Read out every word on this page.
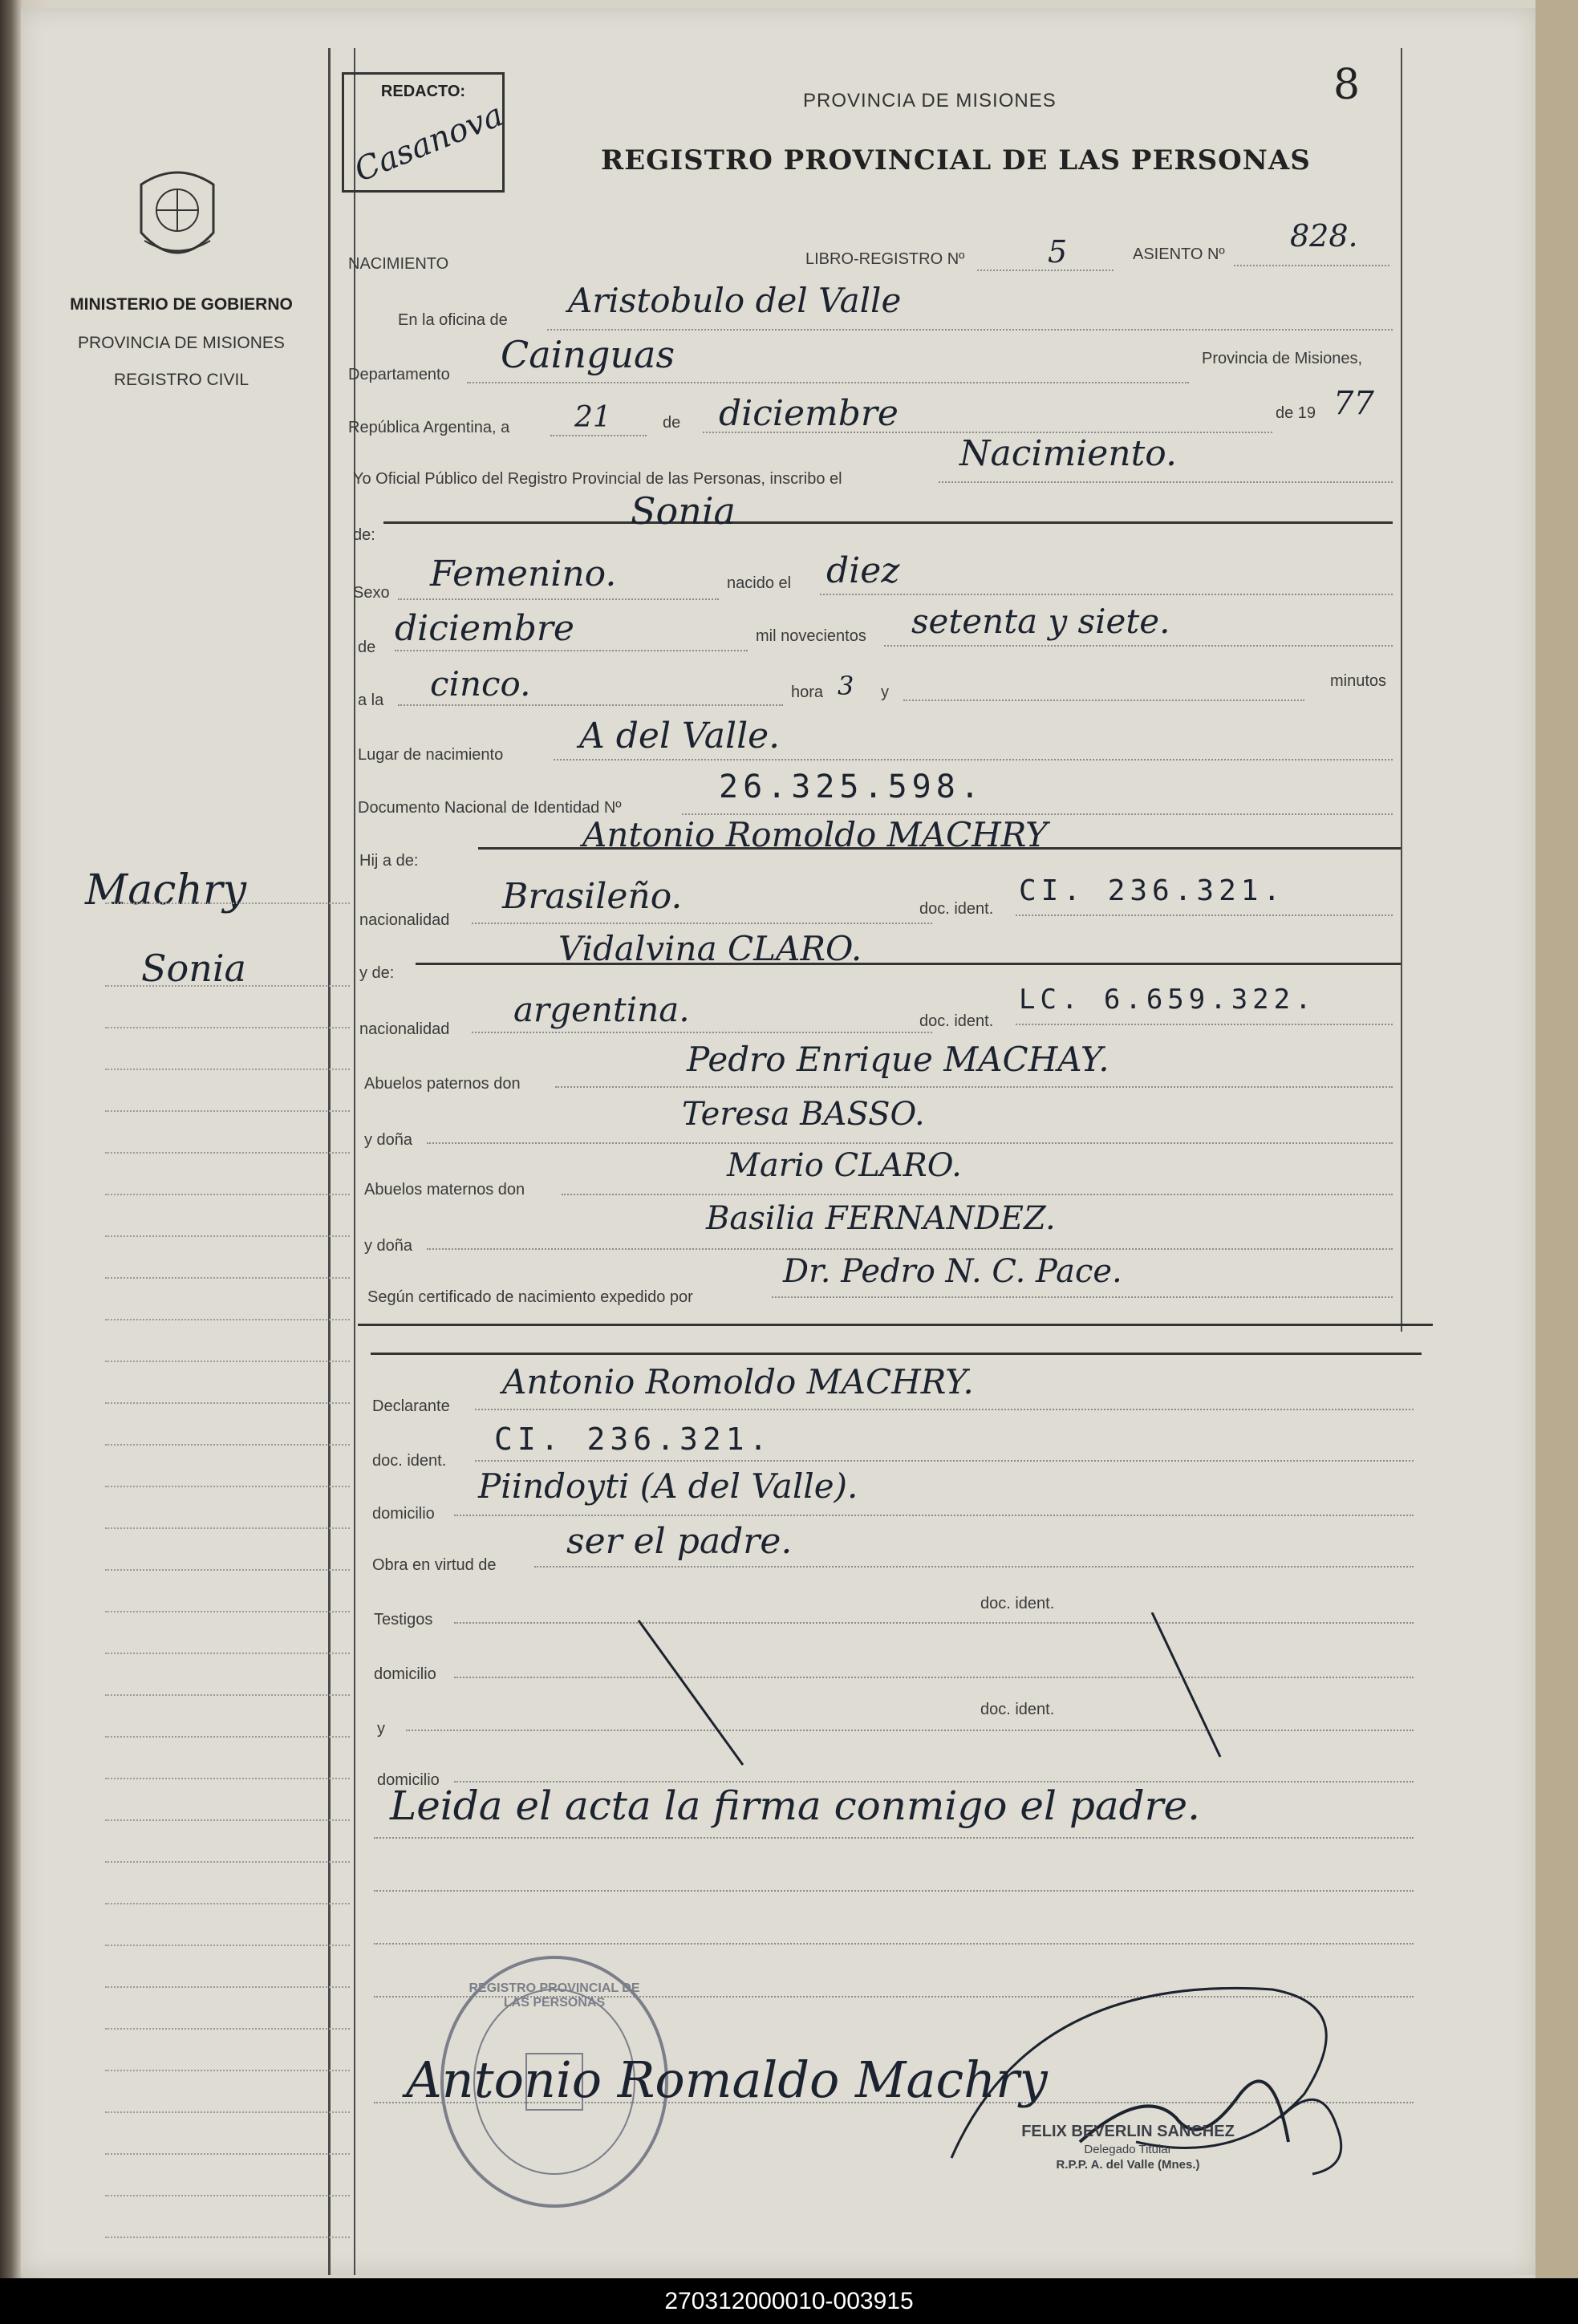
MINISTERIO DE GOBIERNO
PROVINCIA DE MISIONES
REGISTRO CIVIL
Machry
Sonia
REDACTO:
Casanova	PROVINCIA DE MISIONES
REGISTRO PROVINCIAL DE LAS PERSONAS
8
NACIMIENTO	LIBRO-REGISTRO Nº	5	ASIENTO Nº
828.
En la oficina de Aristobulo del Valle
Departamento Cainguas	Provincia de Misiones,
República Argentina, a 21	de diciembre	de 19 77
Yo Oficial Público del Registro Provincial de las Personas, inscribo el
Nacimiento.
de:
Sonia
Sexo Femenino.	nacido el diez
de diciembre	mil novecientos setenta y siete.
a la cinco.	hora 3 y
minutos
Lugar de nacimiento A del Valle.
Documento Nacional de Identidad Nº
26.325.598.
Hij a de:
Antonio Romoldo MACHRY
nacionalidad
Brasileño.	doc. ident.
CI. 236.321.
y de:
Vidalvina CLARO.
nacionalidad argentina.	doc. ident.
LC. 6.659.322.
Abuelos paternos don
Pedro Enrique MACHAY.
y doña
Teresa BASSO.
Abuelos maternos don
Mario CLARO.
y doña
Basilia FERNANDEZ.
Según certificado de nacimiento expedido por
Dr. Pedro N. C. Pace.
Declarante
Antonio Romoldo MACHRY.
doc. ident.
CI. 236.321.
domicilio
Piindoyti (A del Valle).
Obra en virtud de
ser el padre.
Testigos
doc. ident.
domicilio
y
doc. ident.
domicilio
Leida el acta la firma conmigo el padre.
REGISTRO PROVINCIAL DE LAS PERSONAS
Antonio Romaldo Machry
FELIX BEVERLIN SANCHEZ
Delegado Titular
R.P.P. A. del Valle (Mnes.)
270312000010-003915
